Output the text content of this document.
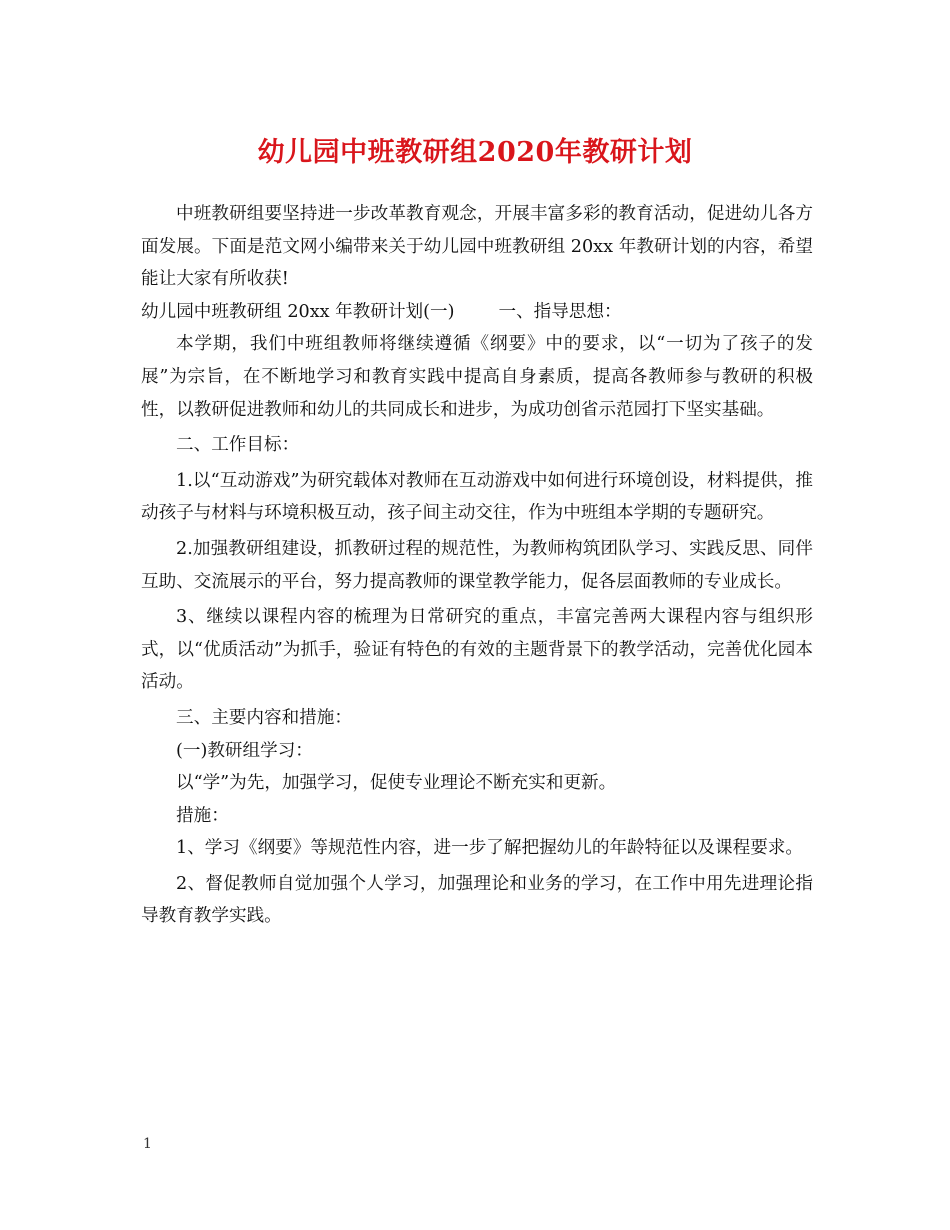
幼儿园中班教研组2020年教研计划

中班教研组要坚持进一步改革教育观念，开展丰富多彩的教育活动，促进幼儿各方面发展。下面是范文网小编带来关于幼儿园中班教研组 20xx 年教研计划的内容，希望能让大家有所收获!

幼儿园中班教研组 20xx 年教研计划(一)	一、指导思想：

本学期，我们中班组教师将继续遵循《纲要》中的要求，以“一切为了孩子的发展”为宗旨，在不断地学习和教育实践中提高自身素质，提高各教师参与教研的积极性，以教研促进教师和幼儿的共同成长和进步，为成功创省示范园打下坚实基础。

二、工作目标：

1.以“互动游戏”为研究载体对教师在互动游戏中如何进行环境创设，材料提供，推动孩子与材料与环境积极互动，孩子间主动交往，作为中班组本学期的专题研究。

2.加强教研组建设，抓教研过程的规范性，为教师构筑团队学习、实践反思、同伴互助、交流展示的平台，努力提高教师的课堂教学能力，促各层面教师的专业成长。

3、继续以课程内容的梳理为日常研究的重点，丰富完善两大课程内容与组织形式，以“优质活动”为抓手，验证有特色的有效的主题背景下的教学活动，完善优化园本活动。

三、主要内容和措施：

(一)教研组学习：

以“学”为先，加强学习，促使专业理论不断充实和更新。

措施：

1、学习《纲要》等规范性内容，进一步了解把握幼儿的年龄特征以及课程要求。

2、督促教师自觉加强个人学习，加强理论和业务的学习，在工作中用先进理论指导教育教学实践。

1
